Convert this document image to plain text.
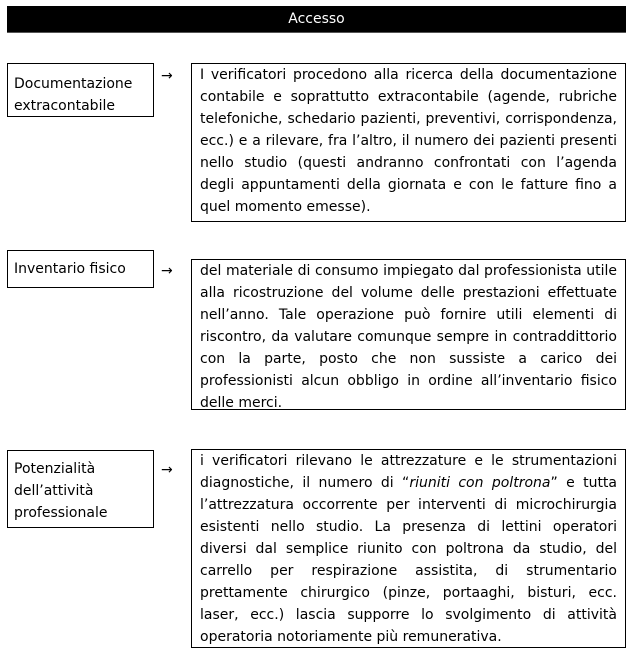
Accesso
Documentazione extracontabile
→ I verificatori procedono alla ricerca della documentazione contabile e soprattutto extracontabile (agende, rubriche telefoniche, schedario pazienti, preventivi, corrispondenza, ecc.) e a rilevare, fra l’altro, il numero dei pazienti presenti nello studio (questi andranno confrontati con l’agenda degli appuntamenti della giornata e con le fatture fino a quel momento emesse).

Inventario fisico	→ del materiale di consumo impiegato dal professionista utile alla ricostruzione del volume delle prestazioni effettuate nell’anno. Tale operazione può fornire utili elementi di riscontro, da valutare comunque sempre in contraddittorio con la parte, posto che non sussiste a carico dei professionisti alcun obbligo in ordine all’inventario fisico delle merci.

Potenzialità dell’attività professionale
→

i verificatori rilevano le attrezzature e le strumentazioni diagnostiche, il numero di “riuniti con poltrona” e tutta l’attrezzatura occorrente per interventi di microchirurgia esistenti nello studio. La presenza di lettini operatori diversi dal semplice riunito con poltrona da studio, del carrello per respirazione assistita, di strumentario prettamente chirurgico (pinze, portaaghi, bisturi, ecc. laser, ecc.) lascia supporre lo svolgimento di attività operatoria notoriamente più remunerativa.
